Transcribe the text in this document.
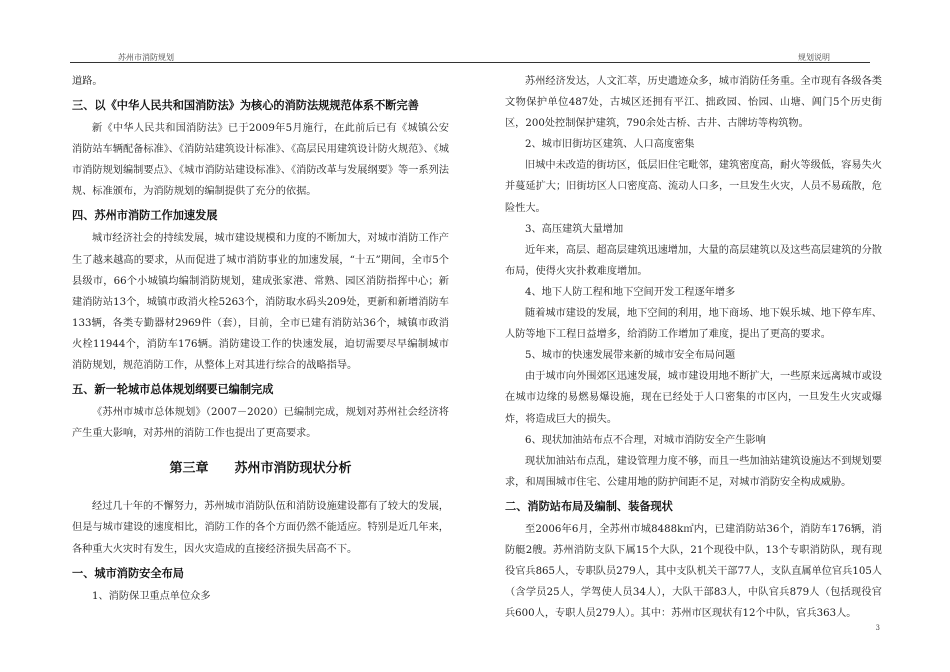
苏州市消防规划	规划说明

道路。

三、以《中华人民共和国消防法》为核心的消防法规规范体系不断完善

新《中华人民共和国消防法》已于2009年5月施行，在此前后已有《城镇公安消防站车辆配备标准》、《消防站建筑设计标准》、《高层民用建筑设计防火规范》、《城市消防规划编制要点》、《城市消防站建设标准》、《消防改革与发展纲要》等一系列法规、标准颁布，为消防规划的编制提供了充分的依据。

四、苏州市消防工作加速发展

城市经济社会的持续发展，城市建设规模和力度的不断加大，对城市消防工作产生了越来越高的要求，从而促进了城市消防事业的加速发展，“十五”期间，全市5个县级市，66个小城镇均编制消防规划，建成张家港、常熟、园区消防指挥中心；新建消防站13个，城镇市政消火栓5263个，消防取水码头209处，更新和新增消防车133辆，各类专勤器材2969件（套），目前，全市已建有消防站36个，城镇市政消火栓11944个，消防车176辆。消防建设工作的快速发展，迫切需要尽早编制城市消防规划，规范消防工作，从整体上对其进行综合的战略指导。

五、新一轮城市总体规划纲要已编制完成

《苏州市城市总体规划》（2007－2020）已编制完成，规划对苏州社会经济将产生重大影响，对苏州的消防工作也提出了更高要求。

第三章 苏州市消防现状分析

经过几十年的不懈努力，苏州城市消防队伍和消防设施建设都有了较大的发展，但是与城市建设的速度相比，消防工作的各个方面仍然不能适应。特别是近几年来，各种重大火灾时有发生，因火灾造成的直接经济损失居高不下。

一、城市消防安全布局

1、消防保卫重点单位众多

苏州经济发达，人文汇萃，历史遗迹众多，城市消防任务重。全市现有各级各类文物保护单位487处，古城区还拥有平江、拙政园、怡园、山塘、阊门5个历史街区，200处控制保护建筑，790余处古桥、古井、古牌坊等构筑物。

2、城市旧街坊区建筑、人口高度密集

旧城中未改造的街坊区，低层旧住宅毗邻，建筑密度高，耐火等级低，容易失火并蔓延扩大；旧街坊区人口密度高、流动人口多，一旦发生火灾，人员不易疏散，危险性大。

3、高压建筑大量增加

近年来，高层、超高层建筑迅速增加，大量的高层建筑以及这些高层建筑的分散布局，使得火灾扑救难度增加。

4、地下人防工程和地下空间开发工程逐年增多

随着城市建设的发展，地下空间的利用，地下商场、地下娱乐城、地下停车库、人防等地下工程日益增多，给消防工作增加了难度，提出了更高的要求。

5、城市的快速发展带来新的城市安全布局问题

由于城市向外围郊区迅速发展，城市建设用地不断扩大，一些原来远离城市或设在城市边缘的易燃易爆设施，现在已经处于人口密集的市区内，一旦发生火灾或爆炸，将造成巨大的损失。

6、现状加油站布点不合理，对城市消防安全产生影响

现状加油站布点乱，建设管理力度不够，而且一些加油站建筑设施达不到规划要求，和周围城市住宅、公建用地的防护间距不足，对城市消防安全构成威胁。

二、消防站布局及编制、装备现状

至2006年6月，全苏州市城8488k㎡内，已建消防站36个，消防车176辆，消防艇2艘。苏州消防支队下属15个大队，21个现役中队，13个专职消防队，现有现役官兵865人，专职队员279人，其中支队机关干部77人，支队直属单位官兵105人（含学员25人，学驾使人员34人），大队干部83人，中队官兵879人（包括现役官兵600人，专职人员279人）。其中：苏州市区现状有12个中队，官兵363人。

3
